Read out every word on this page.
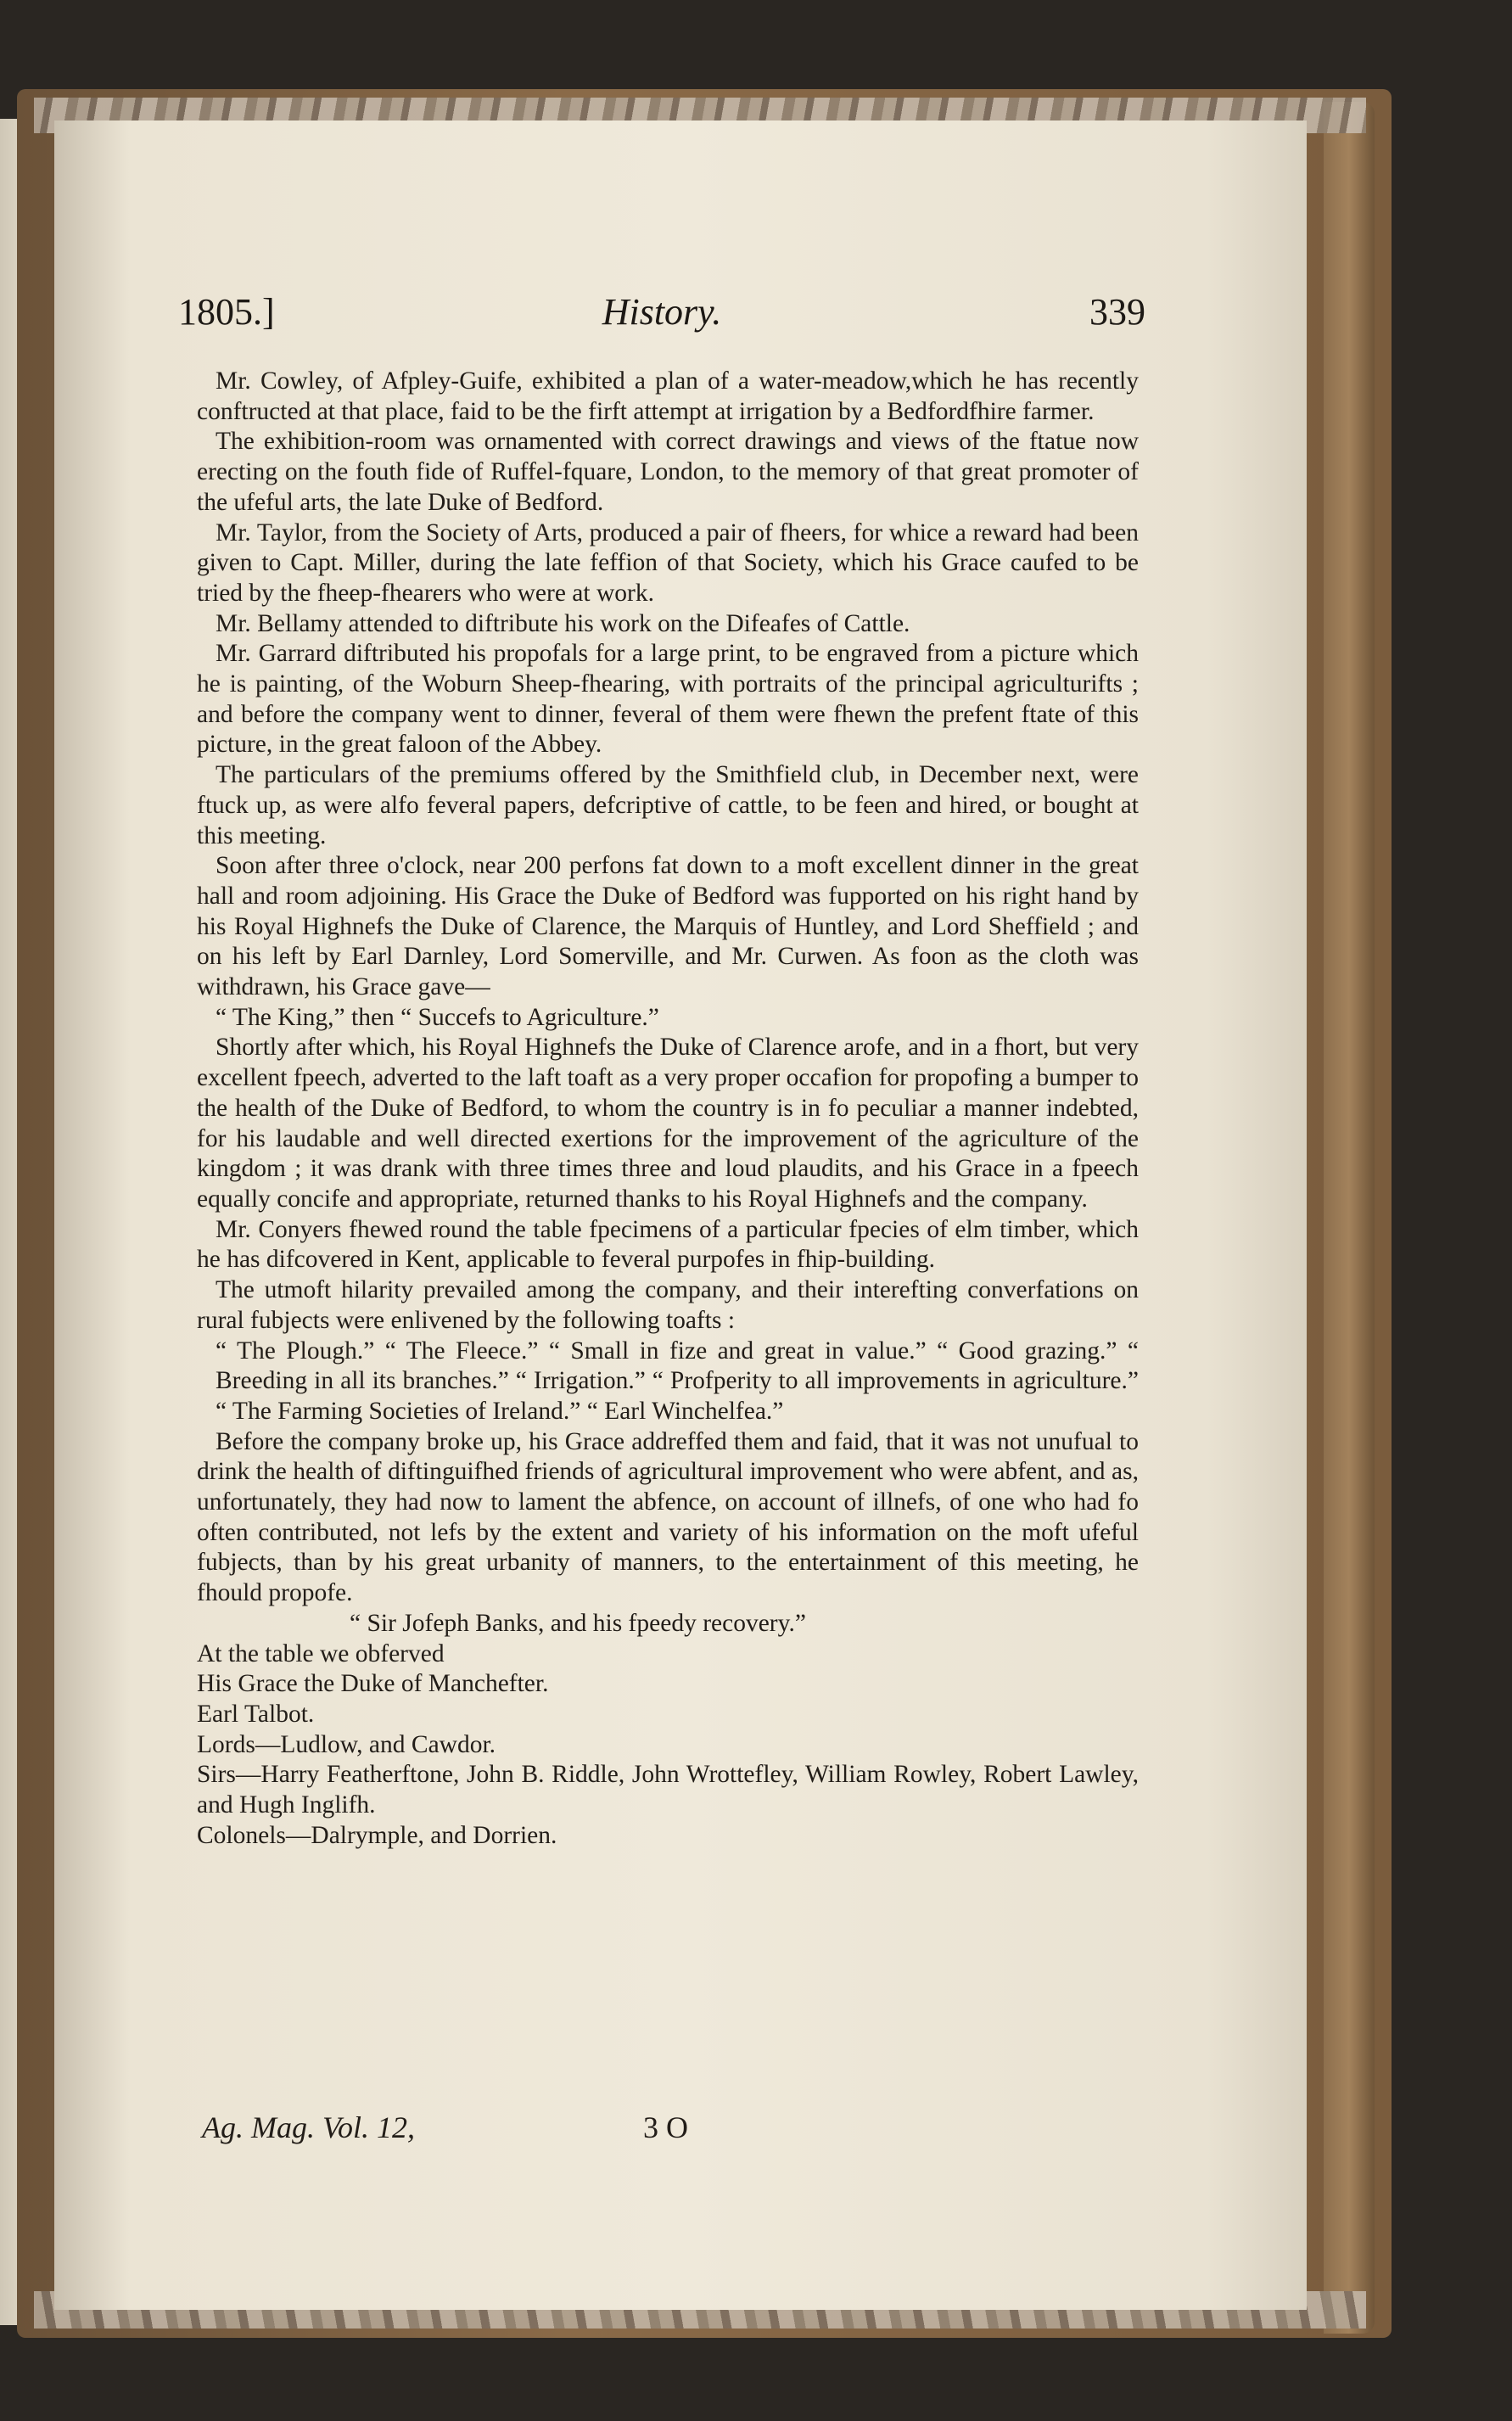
1805.]	History.	339

Mr. Cowley, of Afpley-Guife, exhibited a plan of a water-meadow,which he has recently conftructed at that place, faid to be the firft attempt at irrigation by a Bedfordfhire farmer.

The exhibition-room was ornamented with correct drawings and views of the ftatue now erecting on the fouth fide of Ruffel-fquare, London, to the memory of that great promoter of the ufeful arts, the late Duke of Bedford.

Mr. Taylor, from the Society of Arts, produced a pair of fheers, for whice a reward had been given to Capt. Miller, during the late feffion of that Society, which his Grace caufed to be tried by the fheep-fhearers who were at work.

Mr. Bellamy attended to diftribute his work on the Difeafes of Cattle.

Mr. Garrard diftributed his propofals for a large print, to be engraved from a picture which he is painting, of the Woburn Sheep-fhearing, with portraits of the principal agriculturifts ; and before the company went to dinner, feveral of them were fhewn the prefent ftate of this picture, in the great faloon of the Abbey.

The particulars of the premiums offered by the Smithfield club, in December next, were ftuck up, as were alfo feveral papers, defcriptive of cattle, to be feen and hired, or bought at this meeting.

Soon after three o'clock, near 200 perfons fat down to a moft excellent dinner in the great hall and room adjoining. His Grace the Duke of Bedford was fupported on his right hand by his Royal Highnefs the Duke of Clarence, the Marquis of Huntley, and Lord Sheffield ; and on his left by Earl Darnley, Lord Somerville, and Mr. Curwen. As foon as the cloth was withdrawn, his Grace gave—

“ The King,” then “ Succefs to Agriculture.”

Shortly after which, his Royal Highnefs the Duke of Clarence arofe, and in a fhort, but very excellent fpeech, adverted to the laft toaft as a very proper occafion for propofing a bumper to the health of the Duke of Bedford, to whom the country is in fo peculiar a manner indebted, for his laudable and well directed exertions for the improvement of the agriculture of the kingdom ; it was drank with three times three and loud plaudits, and his Grace in a fpeech equally concife and appropriate, returned thanks to his Royal Highnefs and the company.

Mr. Conyers fhewed round the table fpecimens of a particular fpecies of elm timber, which he has difcovered in Kent, applicable to feveral purpofes in fhip-building.

The utmoft hilarity prevailed among the company, and their interefting converfations on rural fubjects were enlivened by the following toafts :

“ The Plough.” “ The Fleece.” “ Small in fize and great in value.” “ Good grazing.” “ Breeding in all its branches.” “ Irrigation.” “ Profperity to all improvements in agriculture.” “ The Farming Societies of Ireland.” “ Earl Winchelfea.”

Before the company broke up, his Grace addreffed them and faid, that it was not unufual to drink the health of diftinguifhed friends of agricultural improvement who were abfent, and as, unfortunately, they had now to lament the abfence, on account of illnefs, of one who had fo often contributed, not lefs by the extent and variety of his information on the moft ufeful fubjects, than by his great urbanity of manners, to the entertainment of this meeting, he fhould propofe.

“ Sir Jofeph Banks, and his fpeedy recovery.”

At the table we obferved

His Grace the Duke of Manchefter.

Earl Talbot.

Lords—Ludlow, and Cawdor.

Sirs—Harry Featherftone, John B. Riddle, John Wrottefley, William Rowley, Robert Lawley, and Hugh Inglifh.

Colonels—Dalrymple, and Dorrien.

Ag. Mag. Vol. 12,	3 O
